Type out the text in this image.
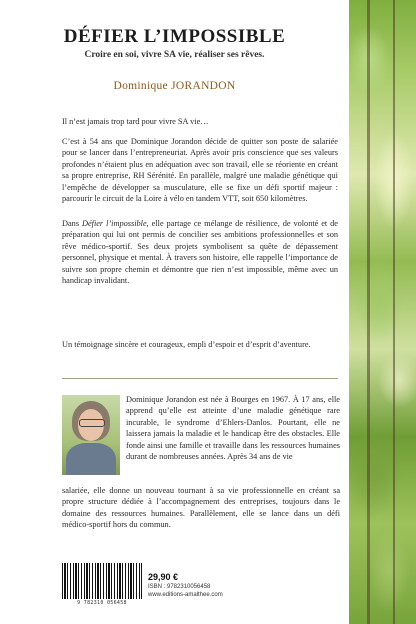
DÉFIER L’IMPOSSIBLE

Croire en soi, vivre SA vie, réaliser ses rêves.

Dominique JORANDON

Il n’est jamais trop tard pour vivre SA vie…

C’est à 54 ans que Dominique Jorandon décide de quitter son poste de salariée pour se lancer dans l’entrepreneuriat. Après avoir pris conscience que ses valeurs profondes n’étaient plus en adéquation avec son travail, elle se réoriente en créant sa propre entreprise, RH Sérénité. En parallèle, malgré une maladie génétique qui l’empêche de développer sa musculature, elle se fixe un défi sportif majeur : parcourir le circuit de la Loire à vélo en tandem VTT, soit 650 kilomètres.

Dans Défier l’impossible, elle partage ce mélange de résilience, de volonté et de préparation qui lui ont permis de concilier ses ambitions professionnelles et son rêve médico-sportif. Ses deux projets symbolisent sa quête de dépassement personnel, physique et mental. À travers son histoire, elle rappelle l’importance de suivre son propre chemin et démontre que rien n’est impossible, même avec un handicap invalidant.

Un témoignage sincère et courageux, empli d’espoir et d’esprit d’aventure.

Dominique Jorandon est née à Bourges en 1967. À 17 ans, elle apprend qu’elle est atteinte d’une maladie génétique rare incurable, le syndrome d’Ehlers-Danlos. Pourtant, elle ne laissera jamais la maladie et le handicap être des obstacles. Elle fonde ainsi une famille et travaille dans les ressources humaines durant de nombreuses années. Après 34 ans de vie

salariée, elle donne un nouveau tournant à sa vie professionnelle en créant sa propre structure dédiée à l’accompagnement des entreprises, toujours dans le domaine des ressources humaines. Parallèlement, elle se lance dans un défi médico-sportif hors du commun.

9 782310 056458

29,90 €

ISBN : 9782310056458

www.editions-amalthee.com
